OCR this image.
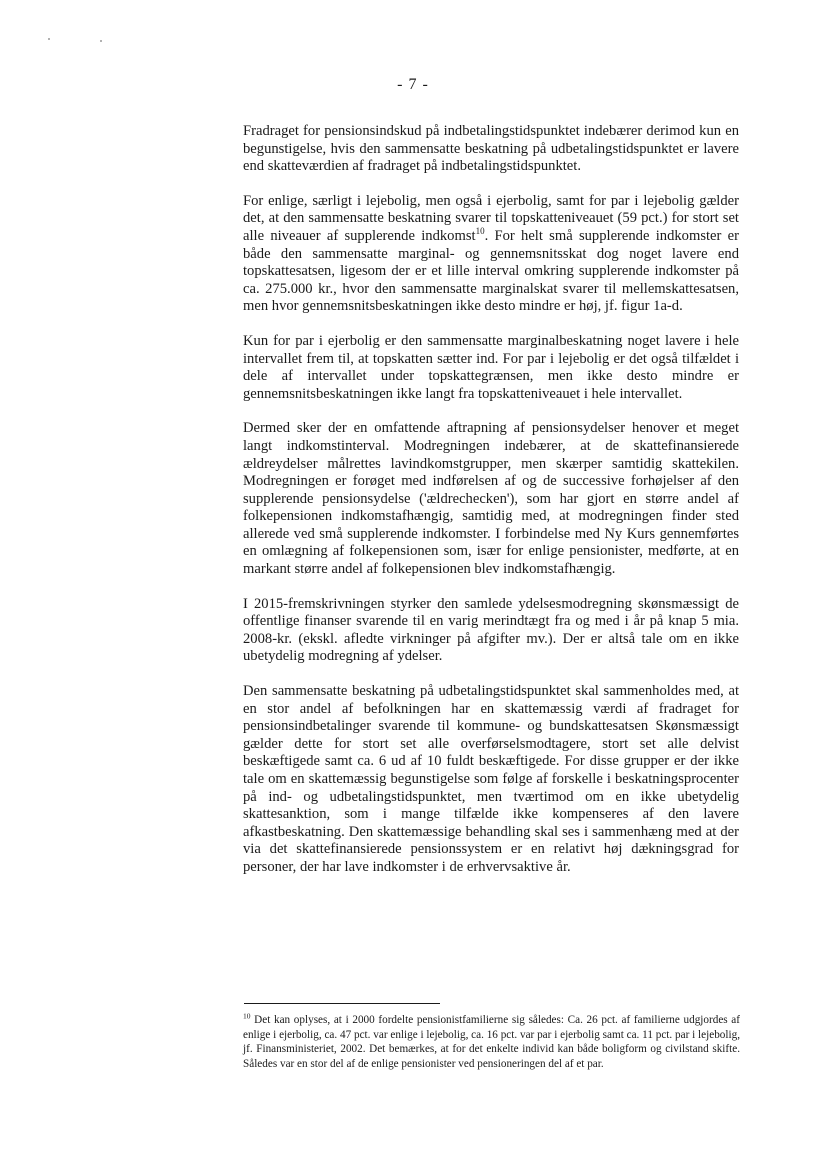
- 7 -

Fradraget for pensionsindskud på indbetalingstidspunktet indebærer derimod kun en begunstigelse, hvis den sammensatte beskatning på udbetalingstidspunktet er lavere end skatteværdien af fradraget på indbetalingstidspunktet.

For enlige, særligt i lejebolig, men også i ejerbolig, samt for par i lejebolig gælder det, at den sammensatte beskatning svarer til topskatteniveauet (59 pct.) for stort set alle niveauer af supplerende indkomst$^{10}$. For helt små supplerende indkomster er både den sammensatte marginal- og gennemsnitsskat dog noget lavere end topskattesatsen, ligesom der er et lille interval omkring supplerende indkomster på ca. 275.000 kr., hvor den sammensatte marginalskat svarer til mellemskattesatsen, men hvor gennemsnitsbeskatningen ikke desto mindre er høj, jf. figur 1a-d.

Kun for par i ejerbolig er den sammensatte marginalbeskatning noget lavere i hele intervallet frem til, at topskatten sætter ind. For par i lejebolig er det også tilfældet i dele af intervallet under topskattegrænsen, men ikke desto mindre er gennemsnitsbeskatningen ikke langt fra topskatteniveauet i hele intervallet.

Dermed sker der en omfattende aftrapning af pensionsydelser henover et meget langt indkomstinterval. Modregningen indebærer, at de skattefinansierede ældreydelser målrettes lavindkomstgrupper, men skærper samtidig skattekilen. Modregningen er forøget med indførelsen af og de successive forhøjelser af den supplerende pensionsydelse ('ældrechecken'), som har gjort en større andel af folkepensionen indkomstafhængig, samtidig med, at modregningen finder sted allerede ved små supplerende indkomster. I forbindelse med Ny Kurs gennemførtes en omlægning af folkepensionen som, især for enlige pensionister, medførte, at en markant større andel af folkepensionen blev indkomstafhængig.

I 2015-fremskrivningen styrker den samlede ydelsesmodregning skønsmæssigt de offentlige finanser svarende til en varig merindtægt fra og med i år på knap 5 mia. 2008-kr. (ekskl. afledte virkninger på afgifter mv.). Der er altså tale om en ikke ubetydelig modregning af ydelser.

Den sammensatte beskatning på udbetalingstidspunktet skal sammenholdes med, at en stor andel af befolkningen har en skattemæssig værdi af fradraget for pensionsindbetalinger svarende til kommune- og bundskattesatsen Skønsmæssigt gælder dette for stort set alle overførselsmodtagere, stort set alle delvist beskæftigede samt ca. 6 ud af 10 fuldt beskæftigede. For disse grupper er der ikke tale om en skattemæssig begunstigelse som følge af forskelle i beskatningsprocenter på ind- og udbetalingstidspunktet, men tværtimod om en ikke ubetydelig skattesanktion, som i mange tilfælde ikke kompenseres af den lavere afkastbeskatning. Den skattemæssige behandling skal ses i sammenhæng med at der via det skattefinansierede pensionssystem er en relativt høj dækningsgrad for personer, der har lave indkomster i de erhvervsaktive år.

$^{10}$ Det kan oplyses, at i 2000 fordelte pensionistfamilierne sig således: Ca. 26 pct. af familierne udgjordes af enlige i ejerbolig, ca. 47 pct. var enlige i lejebolig, ca. 16 pct. var par i ejerbolig samt ca. 11 pct. par i lejebolig, jf. Finansministeriet, 2002. Det bemærkes, at for det enkelte individ kan både boligform og civilstand skifte. Således var en stor del af de enlige pensionister ved pensioneringen del af et par.
